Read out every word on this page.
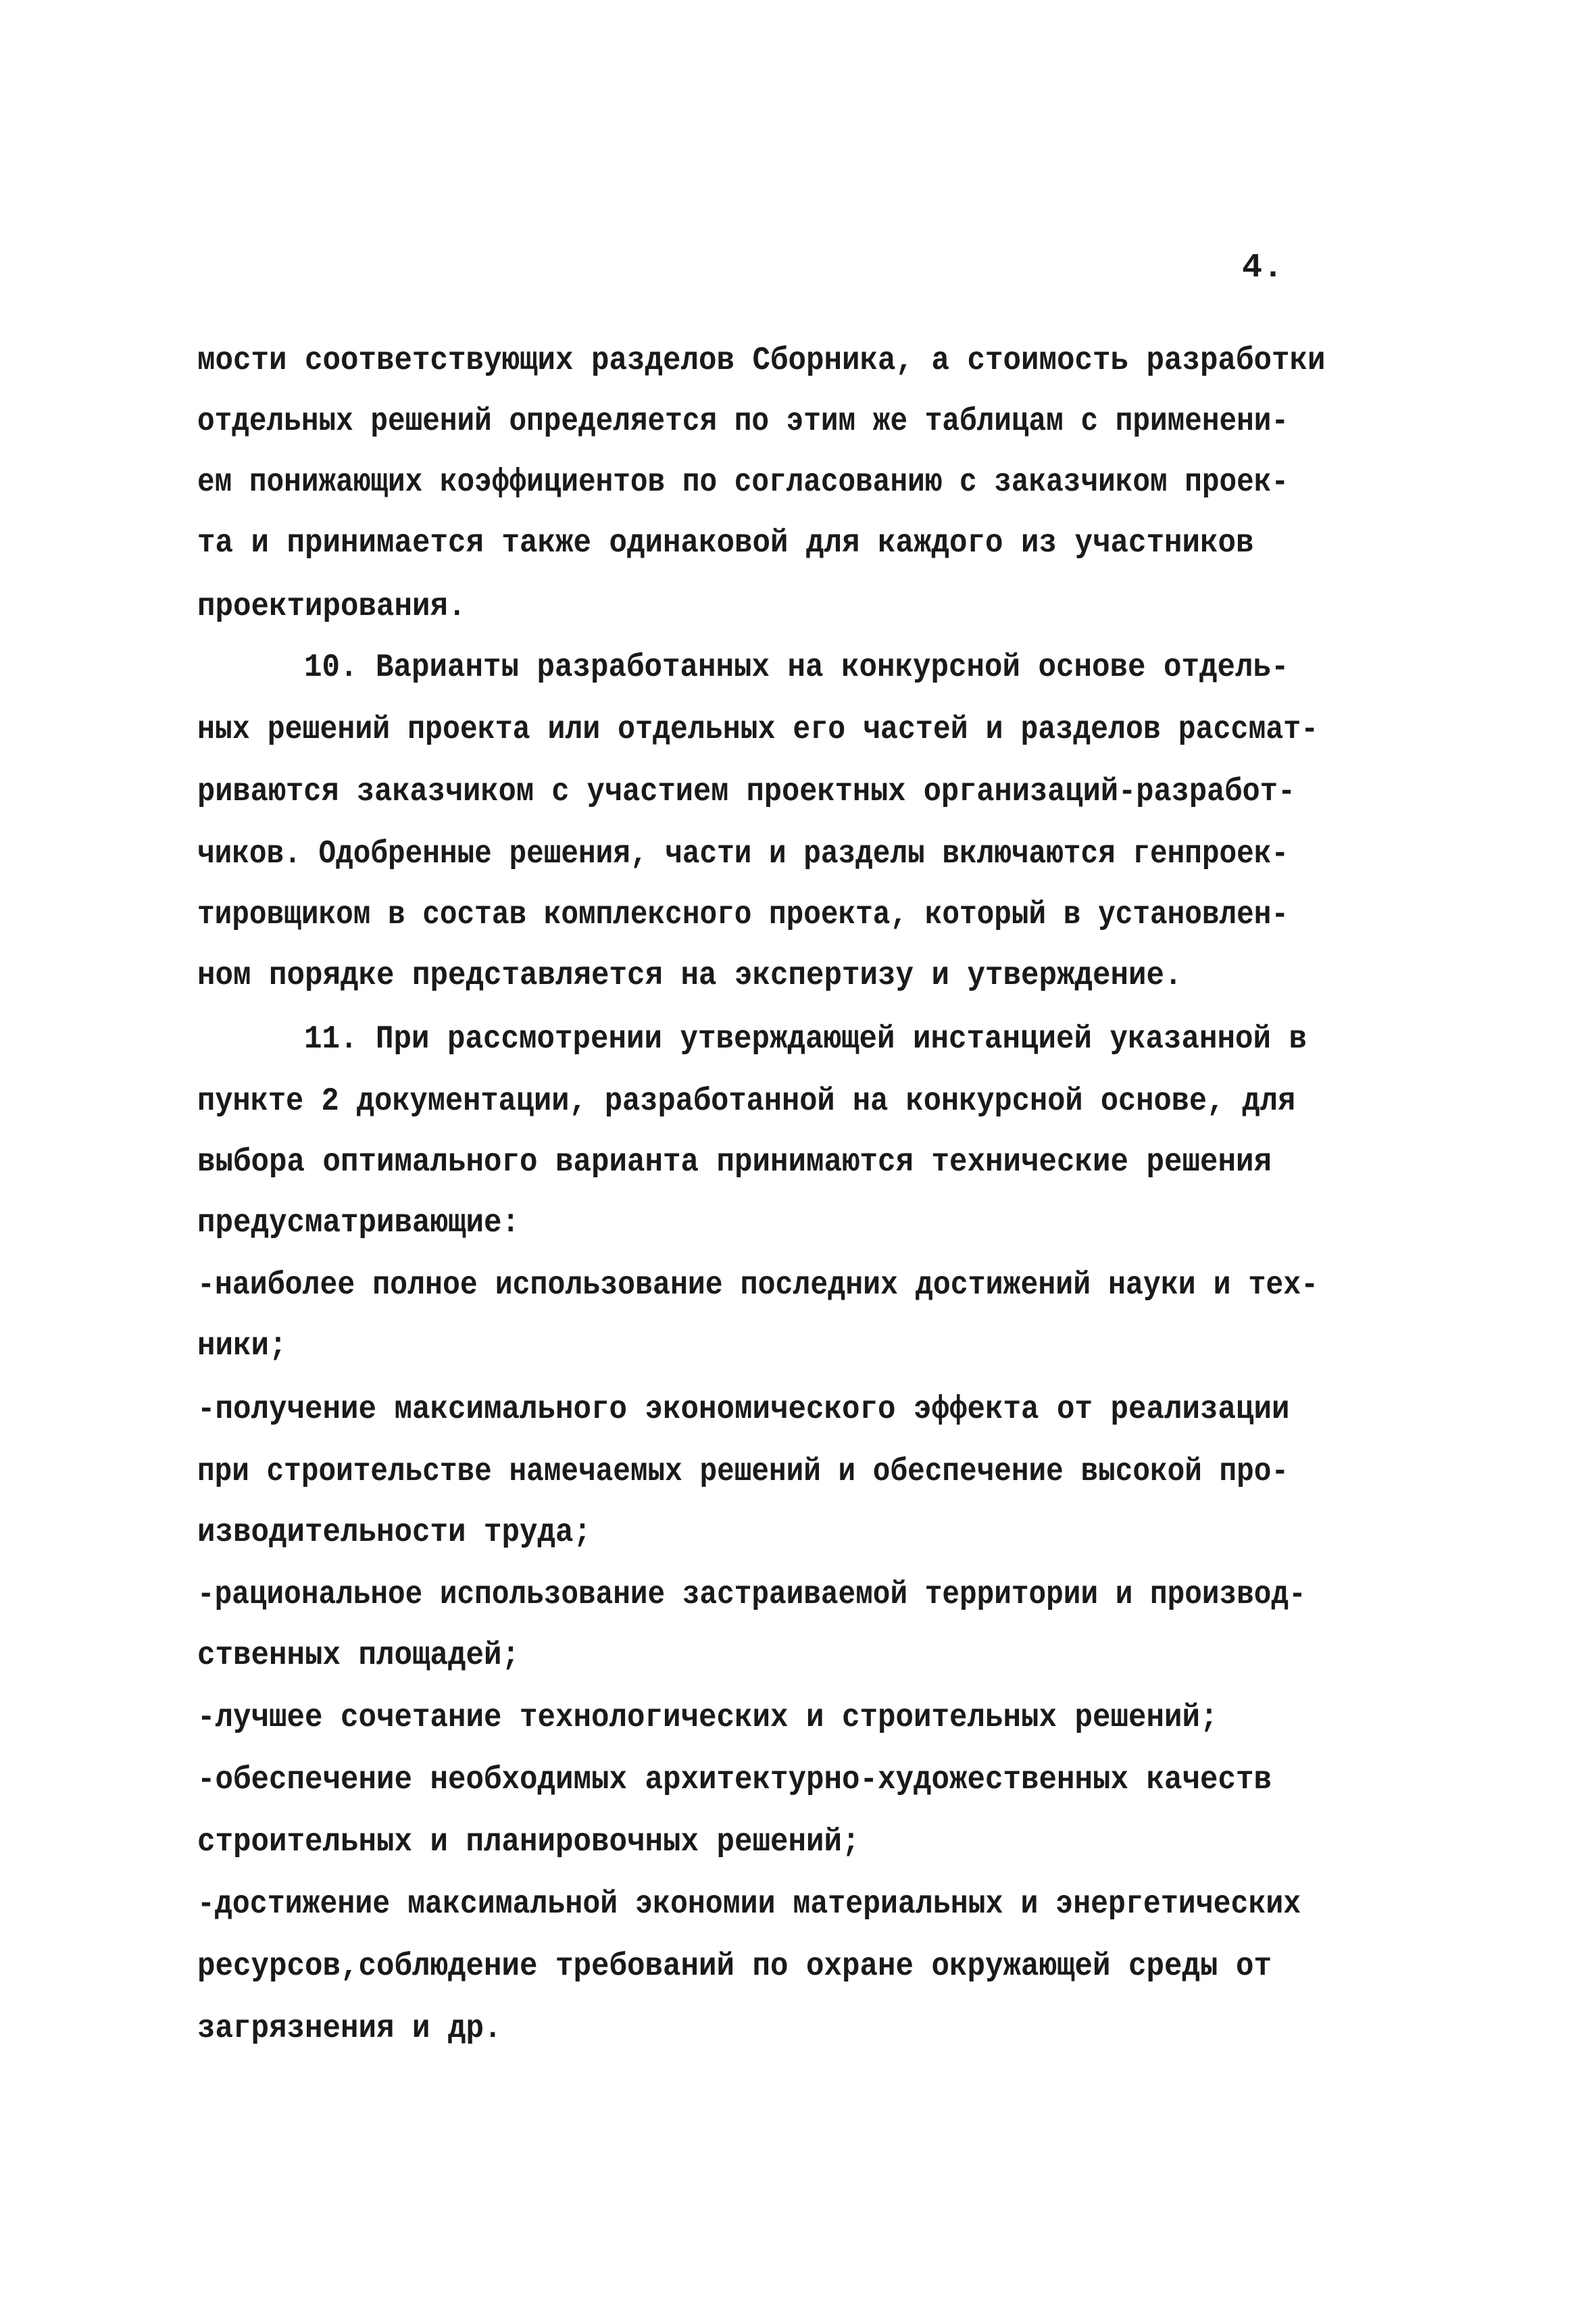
4.
мости соответствующих разделов Сборника, а стоимость разработки
отдельных решений определяется по этим же таблицам с применени-
ем понижающих коэффициентов по согласованию с заказчиком проек-
та и принимается также одинаковой для каждого из участников
проектирования.
10. Варианты разработанных на конкурсной основе отдель-
ных решений проекта или отдельных его частей и разделов рассмат-
риваются заказчиком с участием проектных организаций-разработ-
чиков. Одобренные решения, части и разделы включаются генпроек-
тировщиком в состав комплексного проекта, который в установлен-
ном порядке представляется на экспертизу и утверждение.
11. При рассмотрении утверждающей инстанцией указанной в
пункте 2 документации, разработанной на конкурсной основе, для
выбора оптимального варианта принимаются технические решения
предусматривающие:
-наиболее полное использование последних достижений науки и тех-
ники;
-получение максимального экономического эффекта от реализации
при строительстве намечаемых решений и обеспечение высокой про-
изводительности труда;
-рациональное использование застраиваемой территории и производ-
ственных площадей;
-лучшее сочетание технологических и строительных решений;
-обеспечение необходимых архитектурно-художественных качеств
строительных и планировочных решений;
-достижение максимальной экономии материальных и энергетических
ресурсов,соблюдение требований по охране окружающей среды от
загрязнения и др.
